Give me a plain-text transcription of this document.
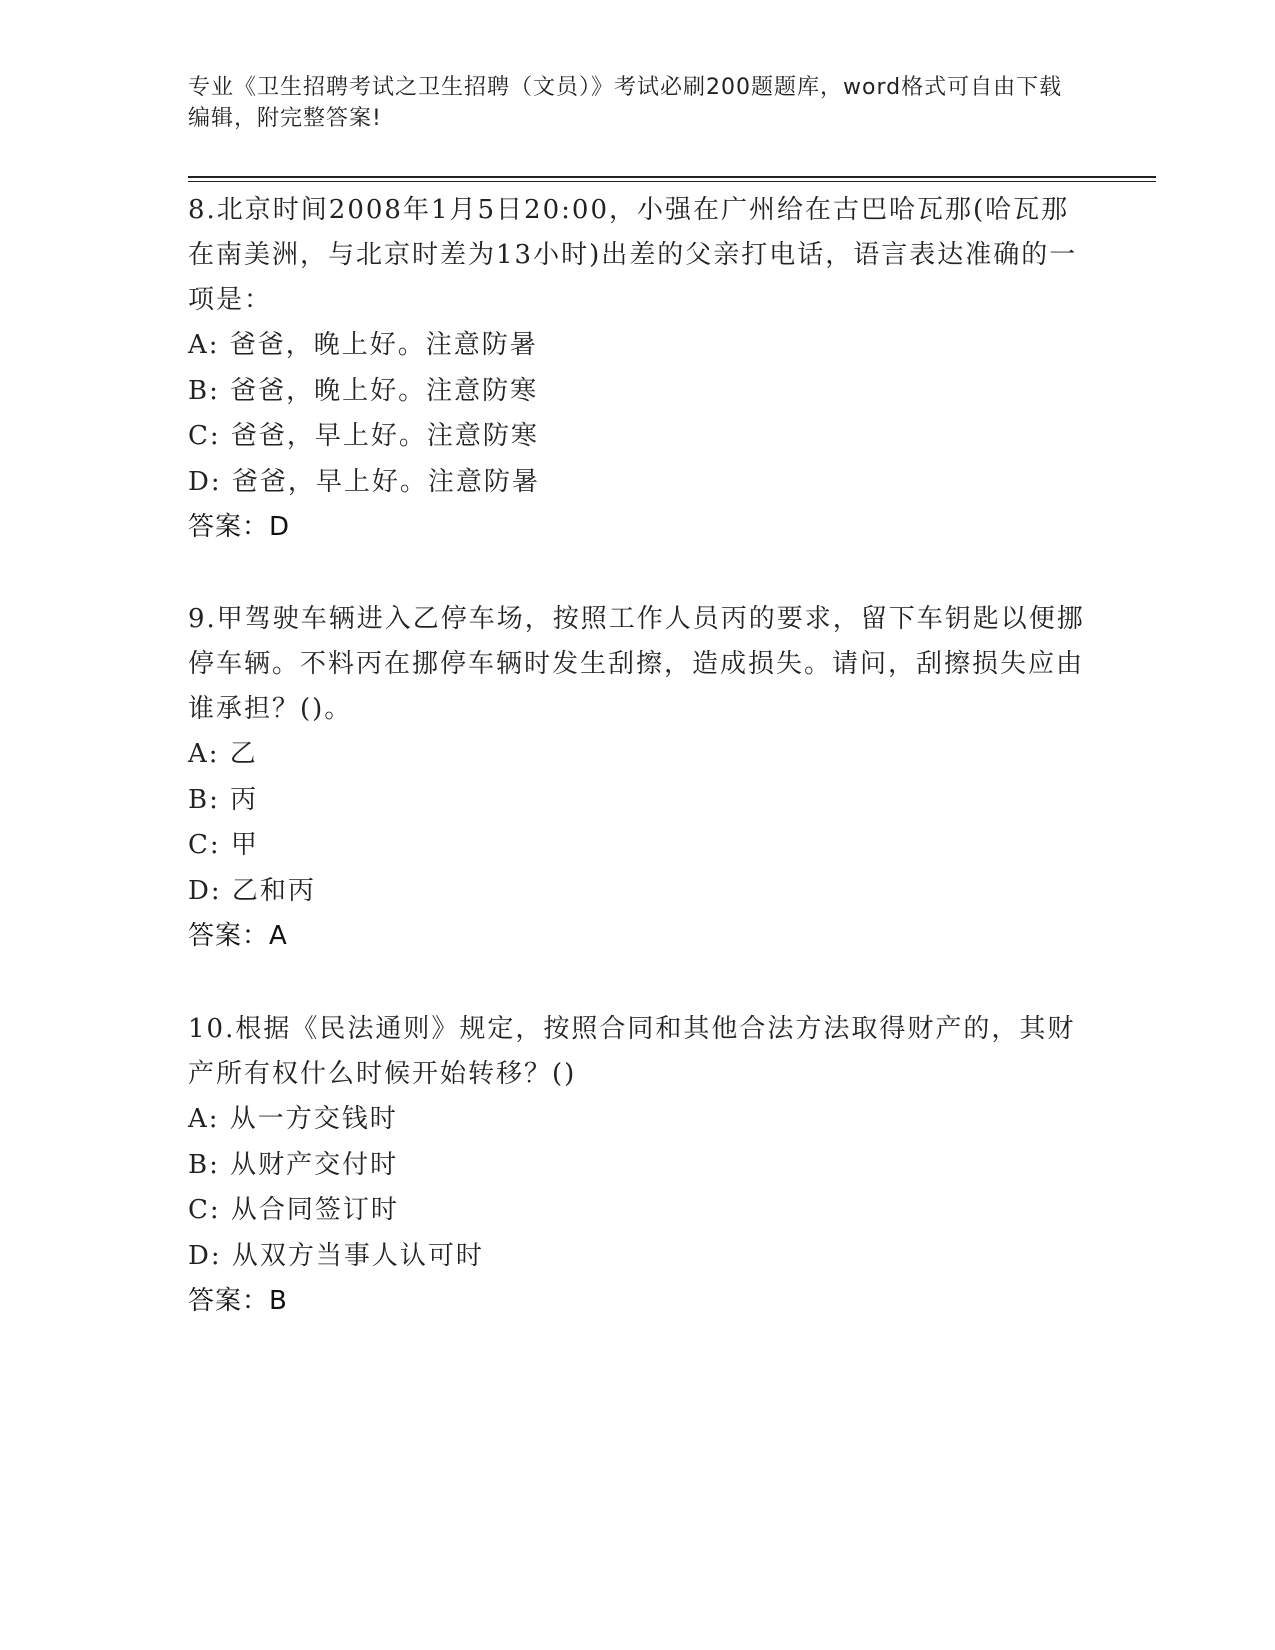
专业《卫生招聘考试之卫生招聘（文员）》考试必刷200题题库，word格式可自由下载编辑，附完整答案!

8.北京时间2008年1月5日20:00，小强在广州给在古巴哈瓦那(哈瓦那在南美洲，与北京时差为13小时)出差的父亲打电话，语言表达准确的一项是：

A: 爸爸，晚上好。注意防暑

B: 爸爸，晚上好。注意防寒

C: 爸爸，早上好。注意防寒

D: 爸爸，早上好。注意防暑

答案：D

9.甲驾驶车辆进入乙停车场，按照工作人员丙的要求，留下车钥匙以便挪停车辆。不料丙在挪停车辆时发生刮擦，造成损失。请问，刮擦损失应由谁承担？()。

A: 乙

B: 丙

C: 甲

D: 乙和丙

答案：A

10.根据《民法通则》规定，按照合同和其他合法方法取得财产的，其财产所有权什么时候开始转移？()

A: 从一方交钱时

B: 从财产交付时

C: 从合同签订时

D: 从双方当事人认可时

答案：B
